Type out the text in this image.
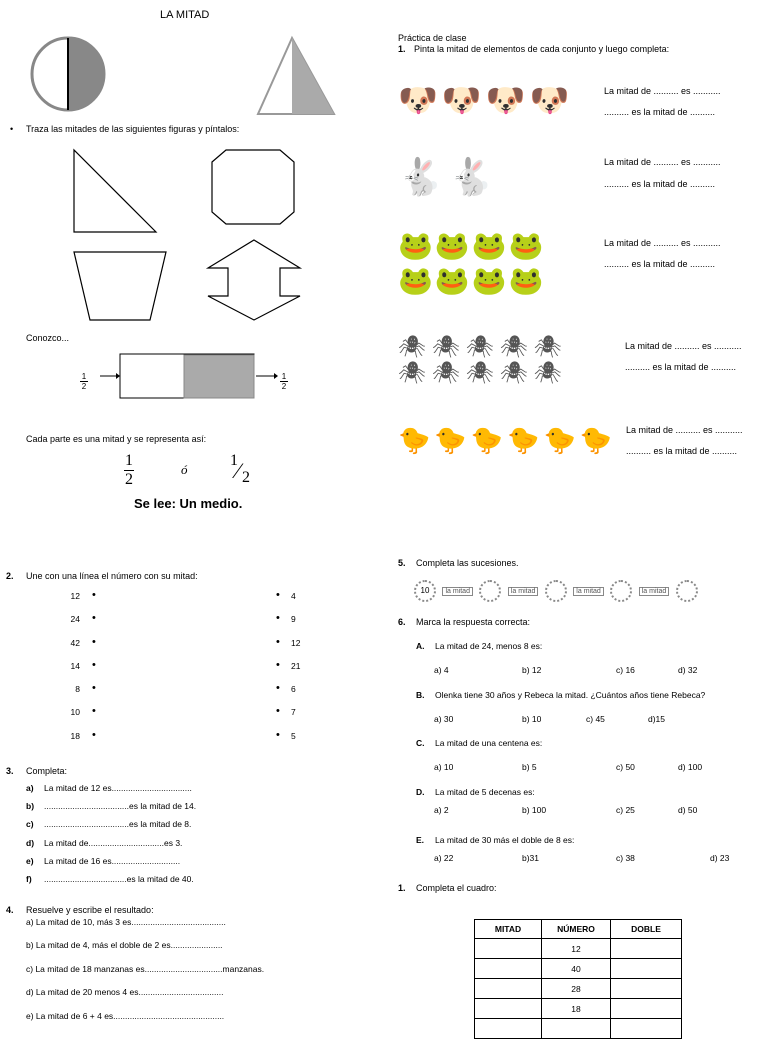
LA MITAD
• Traza las mitades de las siguientes figuras y píntalos:
Conozco...
1
2
1
2
Cada parte es una mitad y se representa así:
1
2
ó
1
⁄ 2
Se lee: Un medio.
Práctica de clase
1. Pinta la mitad de elementos de cada conjunto y luego completa:
🐶🐶🐶🐶	La mitad de .......... es ...........
.......... es la mitad de ..........
🐇🐇	La mitad de .......... es ...........
.......... es la mitad de ..........
🐸🐸🐸🐸
🐸🐸🐸🐸
La mitad de .......... es ...........
.......... es la mitad de ..........
🕷🕷🕷🕷🕷
🕷🕷🕷🕷🕷
La mitad de .......... es ...........
.......... es la mitad de ..........
🐤🐤🐤🐤🐤🐤 La mitad de .......... es ...........
.......... es la mitad de ..........
2. Une con una línea el número con su mitad:
12 •	• 4
24 •	• 9
42 •	• 12
14 •	• 21
8 •	• 6
10 •	• 7
18 •	• 5
3. Completa:
a) La mitad de 12 es..................................
b) ....................................es la mitad de 14.
c) ....................................es la mitad de 8.
d) La mitad de................................es 3.
e) La mitad de 16 es.............................
f) ...................................es la mitad de 40.
4. Resuelve y escribe el resultado:
a) La mitad de 10, más 3 es........................................
b) La mitad de 4, más el doble de 2 es......................
c) La mitad de 18 manzanas es.................................manzanas.
d) La mitad de 20 menos 4 es....................................
e) La mitad de 6 + 4 es...............................................
5. Completa las sucesiones.
10 la mitad	la mitad	la mitad	la mitad
6. Marca la respuesta correcta:
A. La mitad de 24, menos 8 es:
a) 4	b) 12	c) 16	d) 32
B. Olenka tiene 30 años y Rebeca la mitad. ¿Cuántos años tiene Rebeca?
a) 30	b) 10	c) 45	d)15
C. La mitad de una centena es:
a) 10	b) 5	c) 50	d) 100
D. La mitad de 5 decenas es:
a) 2	b) 100	c) 25	d) 50
E. La mitad de 30 más el doble de 8 es:
a) 22	b)31	c) 38	d) 23
1. Completa el cuadro:
MITAD	NÚMERO	DOBLE
	12	
	40	
	28	
	18	
